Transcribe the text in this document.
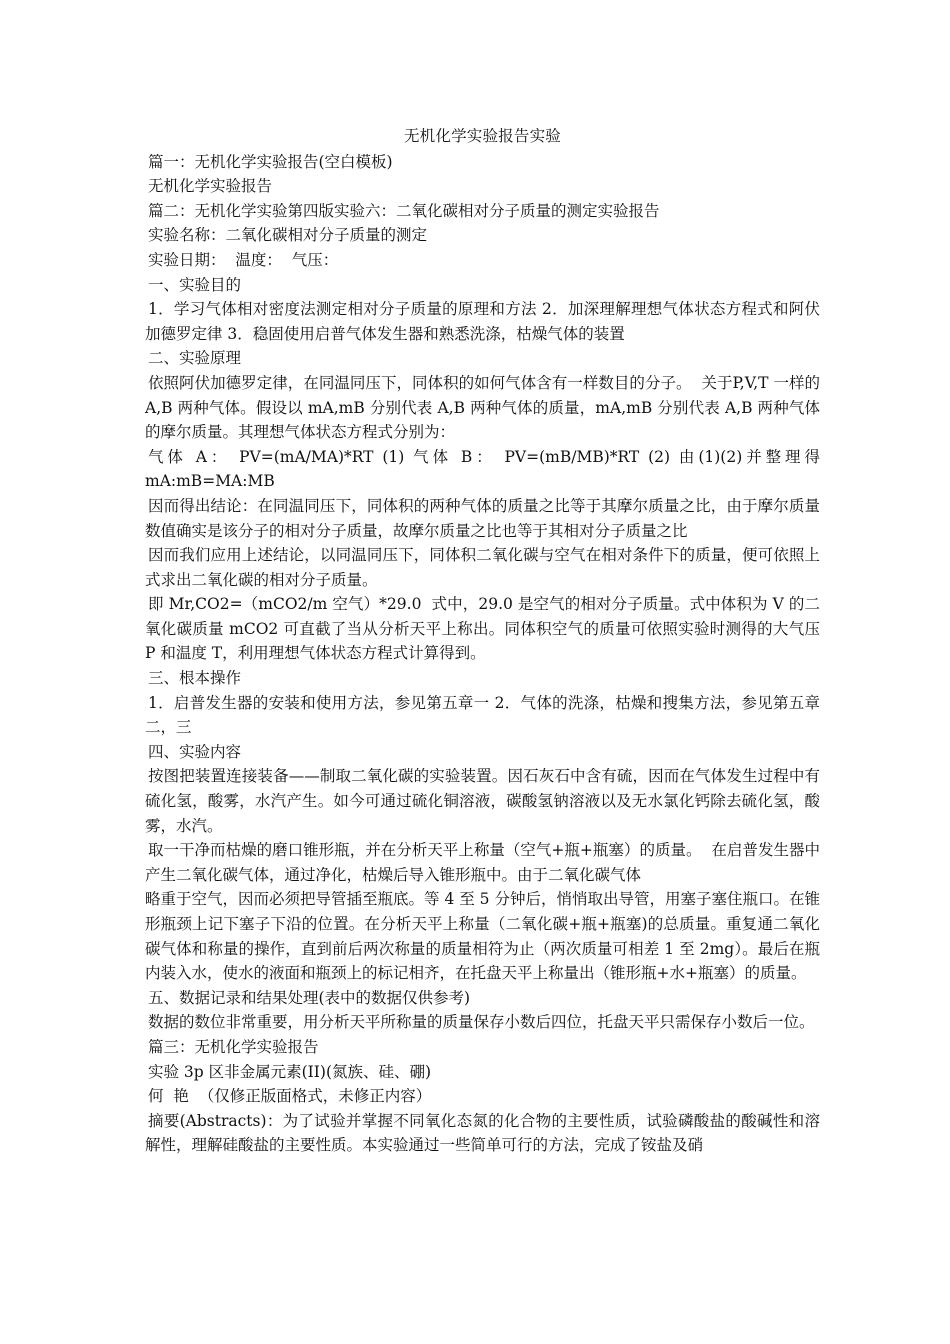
无机化学实验报告实验

篇一：无机化学实验报告(空白模板)

无机化学实验报告

篇二：无机化学实验第四版实验六：二氧化碳相对分子质量的测定实验报告

实验名称：二氧化碳相对分子质量的测定

实验日期：  温度：  气压：

一、实验目的

1．学习气体相对密度法测定相对分子质量的原理和方法 2．加深理解理想气体状态方程式和阿伏加德罗定律 3．稳固使用启普气体发生器和熟悉洗涤，枯燥气体的装置

二、实验原理

依照阿伏加德罗定律，在同温同压下，同体积的如何气体含有一样数目的分子。  关于P,V,T 一样的 A,B 两种气体。假设以 mA,mB 分别代表 A,B 两种气体的质量，mA,mB 分别代表 A,B 两种气体的摩尔质量。其理想气体状态方程式分别为：

气体 A： PV=(mA/MA)*RT (1) 气体 B： PV=(mB/MB)*RT (2) 由(1)(2)并整理得

mA:mB=MA:MB

因而得出结论：在同温同压下，同体积的两种气体的质量之比等于其摩尔质量之比，由于摩尔质量数值确实是该分子的相对分子质量，故摩尔质量之比也等于其相对分子质量之比

因而我们应用上述结论，以同温同压下，同体积二氧化碳与空气在相对条件下的质量，便可依照上式求出二氧化碳的相对分子质量。

即 Mr,CO2=（mCO2/m 空气）*29.0  式中，29.0 是空气的相对分子质量。式中体积为 V 的二氧化碳质量 mCO2 可直截了当从分析天平上称出。同体积空气的质量可依照实验时测得的大气压 P 和温度 T，利用理想气体状态方程式计算得到。

三、根本操作

1．启普发生器的安装和使用方法，参见第五章一 2．气体的洗涤，枯燥和搜集方法，参见第五章二，三

四、实验内容

按图把装置连接装备——制取二氧化碳的实验装置。因石灰石中含有硫，因而在气体发生过程中有硫化氢，酸雾，水汽产生。如今可通过硫化铜溶液，碳酸氢钠溶液以及无水氯化钙除去硫化氢，酸雾，水汽。

取一干净而枯燥的磨口锥形瓶，并在分析天平上称量（空气+瓶+瓶塞）的质量。  在启普发生器中产生二氧化碳气体，通过净化，枯燥后导入锥形瓶中。由于二氧化碳气体

略重于空气，因而必须把导管插至瓶底。等 4 至 5 分钟后，悄悄取出导管，用塞子塞住瓶口。在锥形瓶颈上记下塞子下沿的位置。在分析天平上称量（二氧化碳+瓶+瓶塞)的总质量。重复通二氧化碳气体和称量的操作，直到前后两次称量的质量相符为止（两次质量可相差 1 至 2mg）。最后在瓶内装入水，使水的液面和瓶颈上的标记相齐，在托盘天平上称量出（锥形瓶+水+瓶塞）的质量。

五、数据记录和结果处理(表中的数据仅供参考)

数据的数位非常重要，用分析天平所称量的质量保存小数后四位，托盘天平只需保存小数后一位。

篇三：无机化学实验报告

实验 3p 区非金属元素(II)(氮族、硅、硼)

何  艳  （仅修正版面格式，未修正内容）

摘要(Abstracts)：为了试验并掌握不同氧化态氮的化合物的主要性质，试验磷酸盐的酸碱性和溶解性，理解硅酸盐的主要性质。本实验通过一些简单可行的方法，完成了铵盐及硝
